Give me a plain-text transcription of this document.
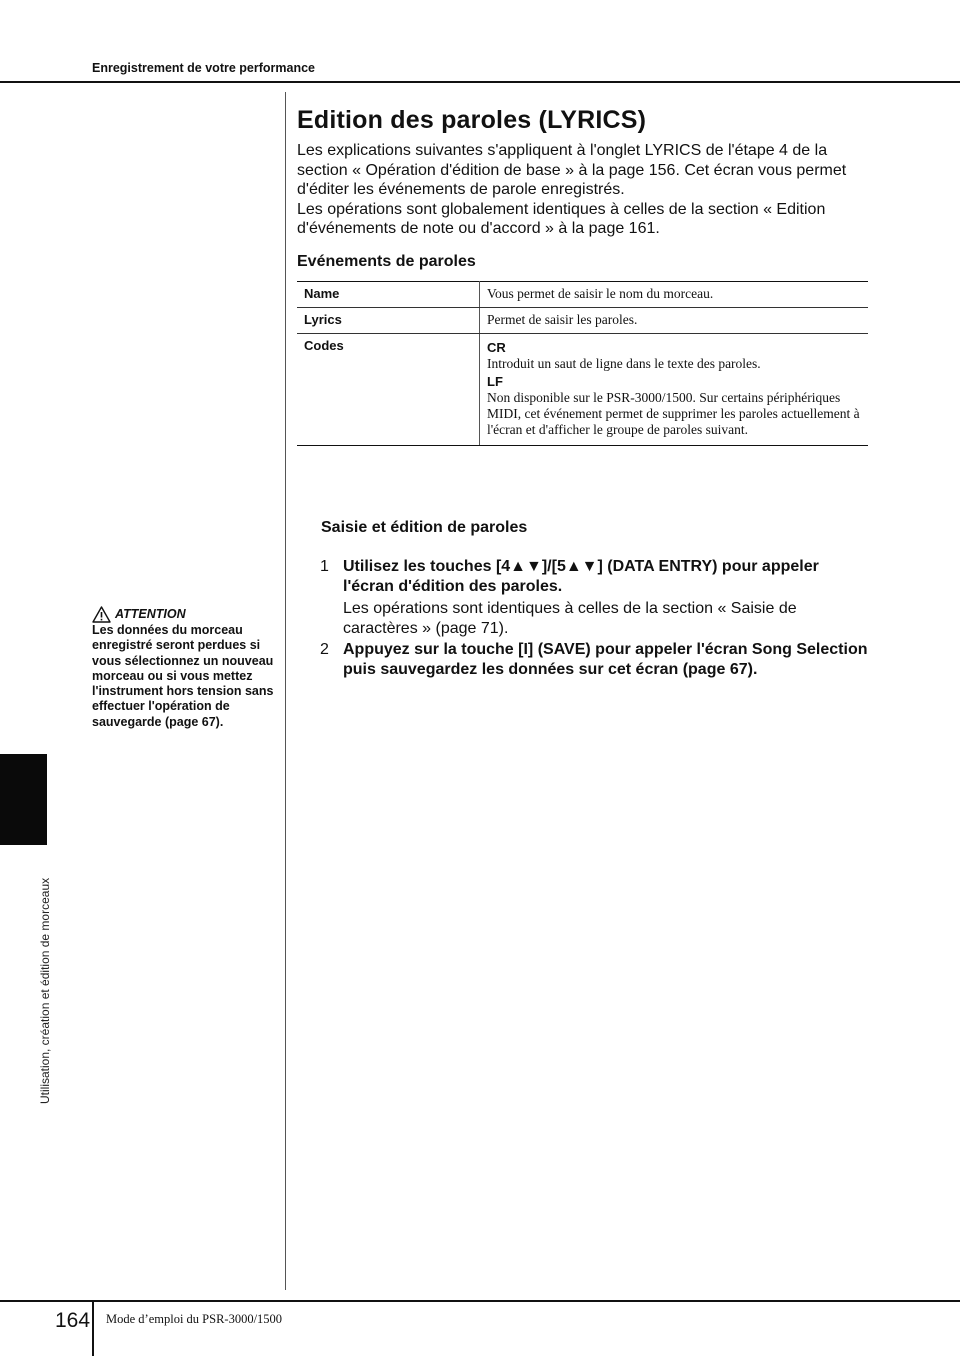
Enregistrement de votre performance
Edition des paroles (LYRICS)

Les explications suivantes s'appliquent à l'onglet LYRICS de l'étape 4 de la section « Opération d'édition de base » à la page 156. Cet écran vous permet d'éditer les événements de parole enregistrés.

Les opérations sont globalement identiques à celles de la section « Edition d'événements de note ou d'accord » à la page 161.

Evénements de paroles
Name	Vous permet de saisir le nom du morceau.
Lyrics	Permet de saisir les paroles.
Codes	CR
Introduit un saut de ligne dans le texte des paroles.
LF
Non disponible sur le PSR-3000/1500. Sur certains périphériques MIDI, cet événement permet de supprimer les paroles actuellement à l'écran et d'afficher le groupe de paroles suivant.
Saisie et édition de paroles
1 Utilisez les touches [4▲▼]/[5▲▼] (DATA ENTRY) pour appeler l'écran d'édition des paroles.
Les opérations sont identiques à celles de la section « Saisie de caractères » (page 71).
2 Appuyez sur la touche [I] (SAVE) pour appeler l'écran Song Selection puis sauvegardez les données sur cet écran (page 67).
ATTENTION
Les données du morceau enregistré seront perdues si vous sélectionnez un nouveau morceau ou si vous mettez l'instrument hors tension sans effectuer l'opération de sauvegarde (page 67).
Utilisation, création et édition de morceaux
164 Mode d’emploi du PSR-3000/1500
